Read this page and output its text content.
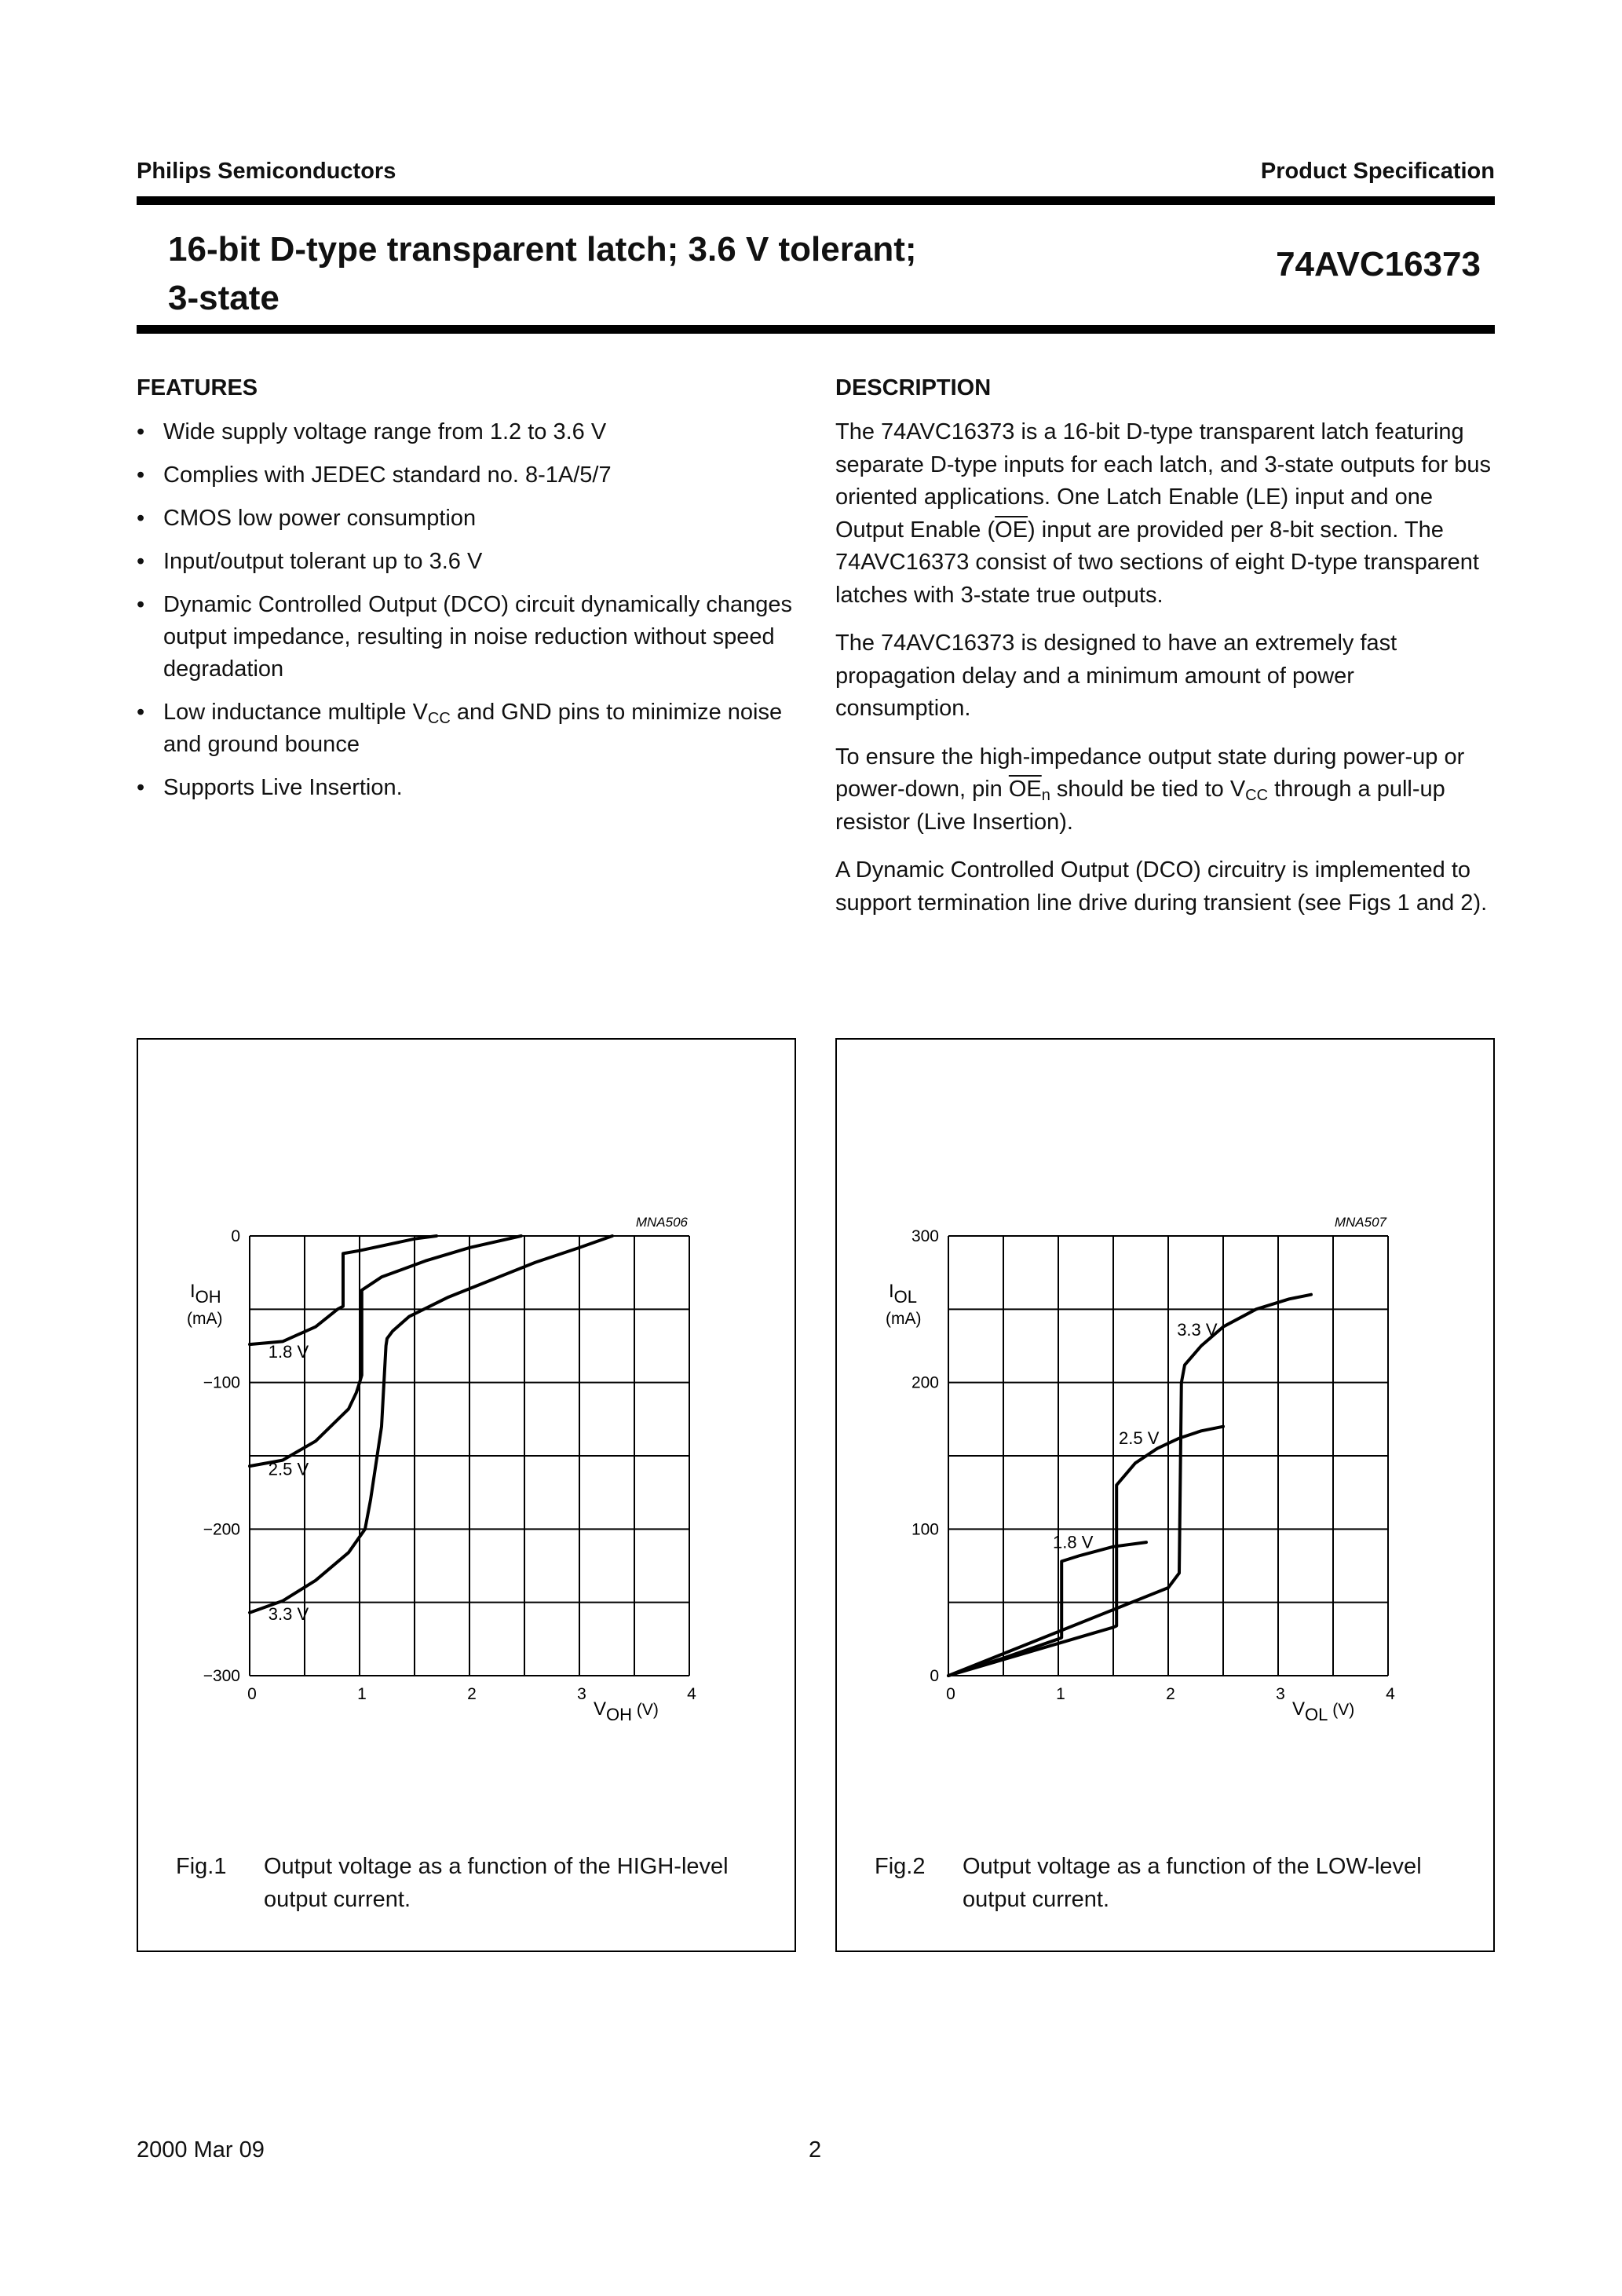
Philips Semiconductors	Product Specification
16-bit D-type transparent latch; 3.6 V tolerant;
3-state
74AVC16373
FEATURES
• Wide supply voltage range from 1.2 to 3.6 V
• Complies with JEDEC standard no. 8-1A/5/7
• CMOS low power consumption
• Input/output tolerant up to 3.6 V
• Dynamic Controlled Output (DCO) circuit dynamically changes output impedance, resulting in noise reduction without speed degradation
• Low inductance multiple $V_{CC}$ and GND pins to minimize noise and ground bounce
• Supports Live Insertion.
DESCRIPTION

The 74AVC16373 is a 16-bit D-type transparent latch featuring separate D-type inputs for each latch, and 3-state outputs for bus oriented applications. One Latch Enable (LE) input and one Output Enable $(\overline{OE})$ input are provided per 8-bit section. The 74AVC16373 consist of two sections of eight D-type transparent latches with 3-state true outputs.

The 74AVC16373 is designed to have an extremely fast propagation delay and a minimum amount of power consumption.

To ensure the high-impedance output state during power-up or power-down, pin $\overline{OE}_n$ should be tied to $V_{CC}$ through a pull-up resistor (Live Insertion).

A Dynamic Controlled Output (DCO) circuitry is implemented to support termination line drive during transient (see Figs 1 and 2).

0	1	2	3	4
0
−100
−200
−300
IOH
(mA)
VOH (V)
MNA506
1.8 V
2.5 V
3.3 V
Fig.1 Output voltage as a function of the HIGH-level output current.
0	1	2	3	4
300
200
100
0
IOL
(mA)
VOL (V)
MNA507
1.8 V
2.5 V
3.3 V
Fig.2 Output voltage as a function of the LOW-level output current.
2000 Mar 09	2
